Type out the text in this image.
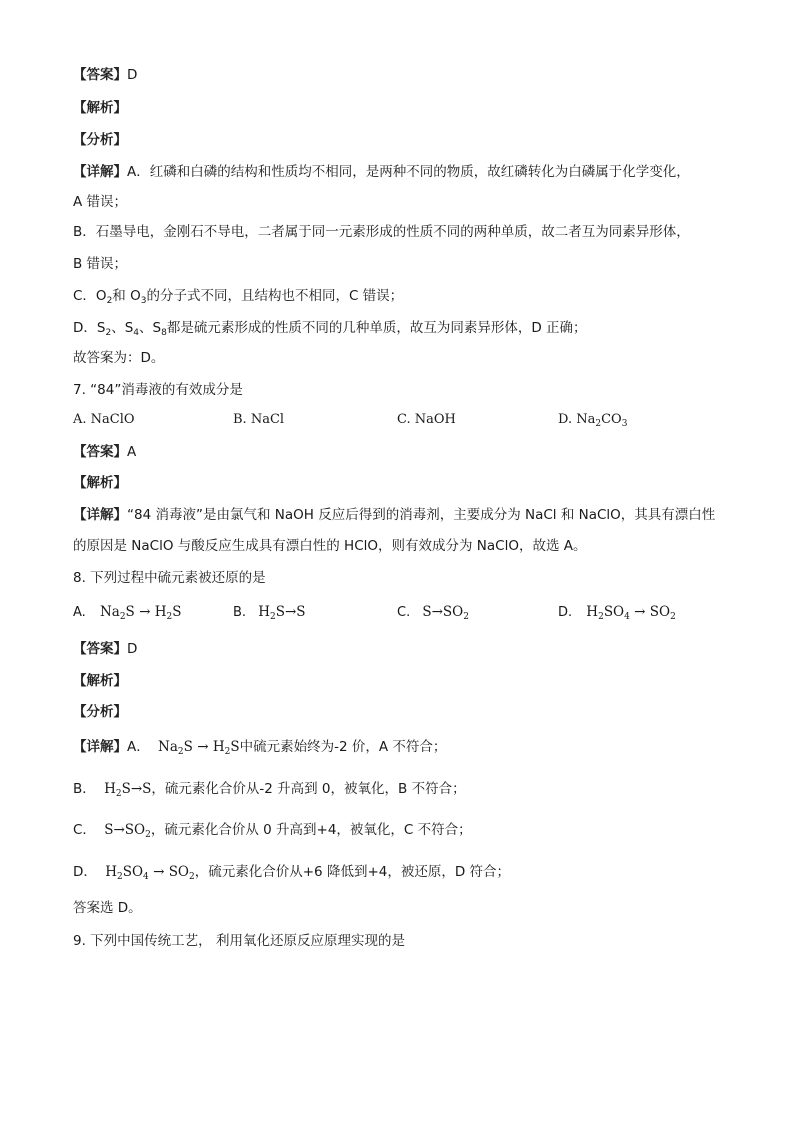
【答案】D
【解析】
【分析】
【详解】A．红磷和白磷的结构和性质均不相同，是两种不同的物质，故红磷转化为白磷属于化学变化，
A 错误；
B．石墨导电，金刚石不导电，二者属于同一元素形成的性质不同的两种单质，故二者互为同素异形体，
B 错误；
C．$O_2$和 $O_3$的分子式不同，且结构也不相同，C 错误；
D．$S_2$、$S_4$、$S_8$都是硫元素形成的性质不同的几种单质，故互为同素异形体，D 正确；
故答案为：D。
7. “84”消毒液的有效成分是
A. NaClO	B. NaCl	C. NaOH	D. $Na_2CO_3$
【答案】A
【解析】
【详解】“84 消毒液”是由氯气和 NaOH 反应后得到的消毒剂，主要成分为 NaCl 和 NaClO，其具有漂白性
的原因是 NaClO 与酸反应生成具有漂白性的 HClO，则有效成分为 NaClO，故选 A。
8. 下列过程中硫元素被还原的是
A. $Na_2S \to H_2S$	B. $H_2S\to S$	C. $S\to SO_2$	D. $H_2SO_4 \to SO_2$
【答案】D
【解析】
【分析】
【详解】A． $Na_2S \to H_2S$中硫元素始终为-2 价，A 不符合；
B． $H_2S\to S$，硫元素化合价从-2 升高到 0，被氧化，B 不符合；
C． $S\to SO_2$，硫元素化合价从 0 升高到+4，被氧化，C 不符合；
D． $H_2SO_4 \to SO_2$，硫元素化合价从+6 降低到+4，被还原，D 符合；
答案选 D。
9. 下列中国传统工艺， 利用氧化还原反应原理实现的是
